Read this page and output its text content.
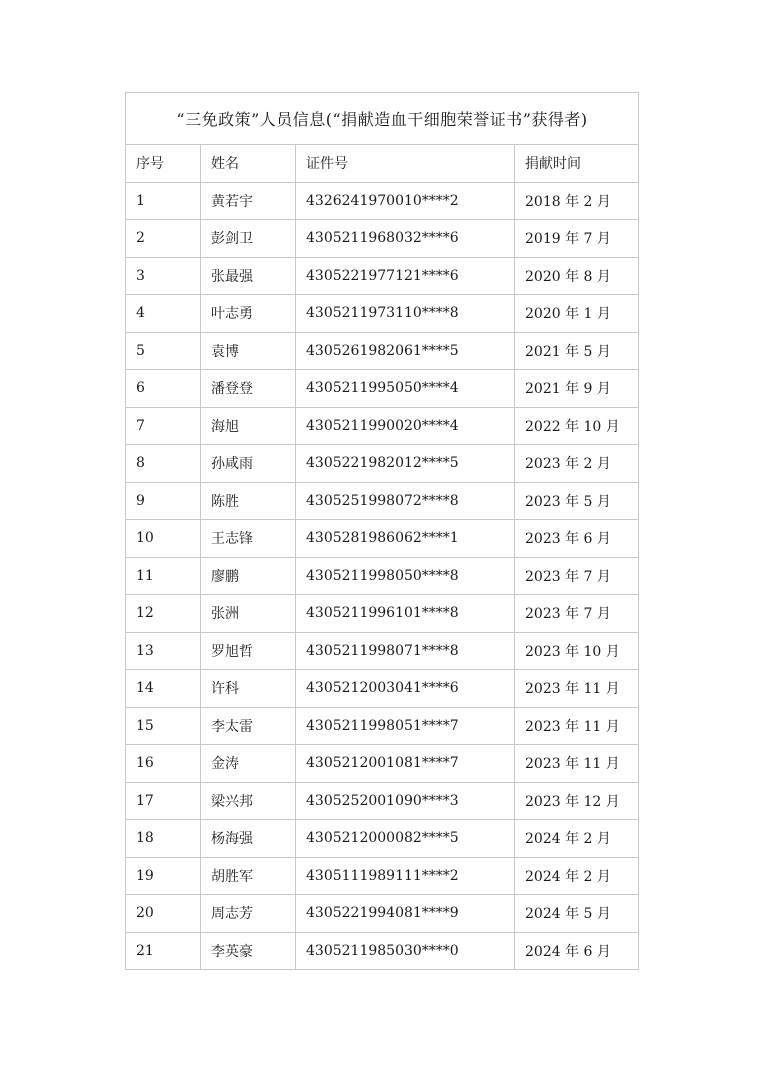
“三免政策”人员信息(“捐献造血干细胞荣誉证书”获得者)			
序号	姓名	证件号	捐献时间
1	黄若宇	4326241970010****2	2018 年 2 月
2	彭剑卫	4305211968032****6	2019 年 7 月
3	张最强	4305221977121****6	2020 年 8 月
4	叶志勇	4305211973110****8	2020 年 1 月
5	袁博	4305261982061****5	2021 年 5 月
6	潘登登	4305211995050****4	2021 年 9 月
7	海旭	4305211990020****4	2022 年 10 月
8	孙咸雨	4305221982012****5	2023 年 2 月
9	陈胜	4305251998072****8	2023 年 5 月
10	王志锋	4305281986062****1	2023 年 6 月
11	廖鹏	4305211998050****8	2023 年 7 月
12	张洲	4305211996101****8	2023 年 7 月
13	罗旭哲	4305211998071****8	2023 年 10 月
14	许科	4305212003041****6	2023 年 11 月
15	李太雷	4305211998051****7	2023 年 11 月
16	金涛	4305212001081****7	2023 年 11 月
17	梁兴邦	4305252001090****3	2023 年 12 月
18	杨海强	4305212000082****5	2024 年 2 月
19	胡胜军	4305111989111****2	2024 年 2 月
20	周志芳	4305221994081****9	2024 年 5 月
21	李英豪	4305211985030****0	2024 年 6 月
